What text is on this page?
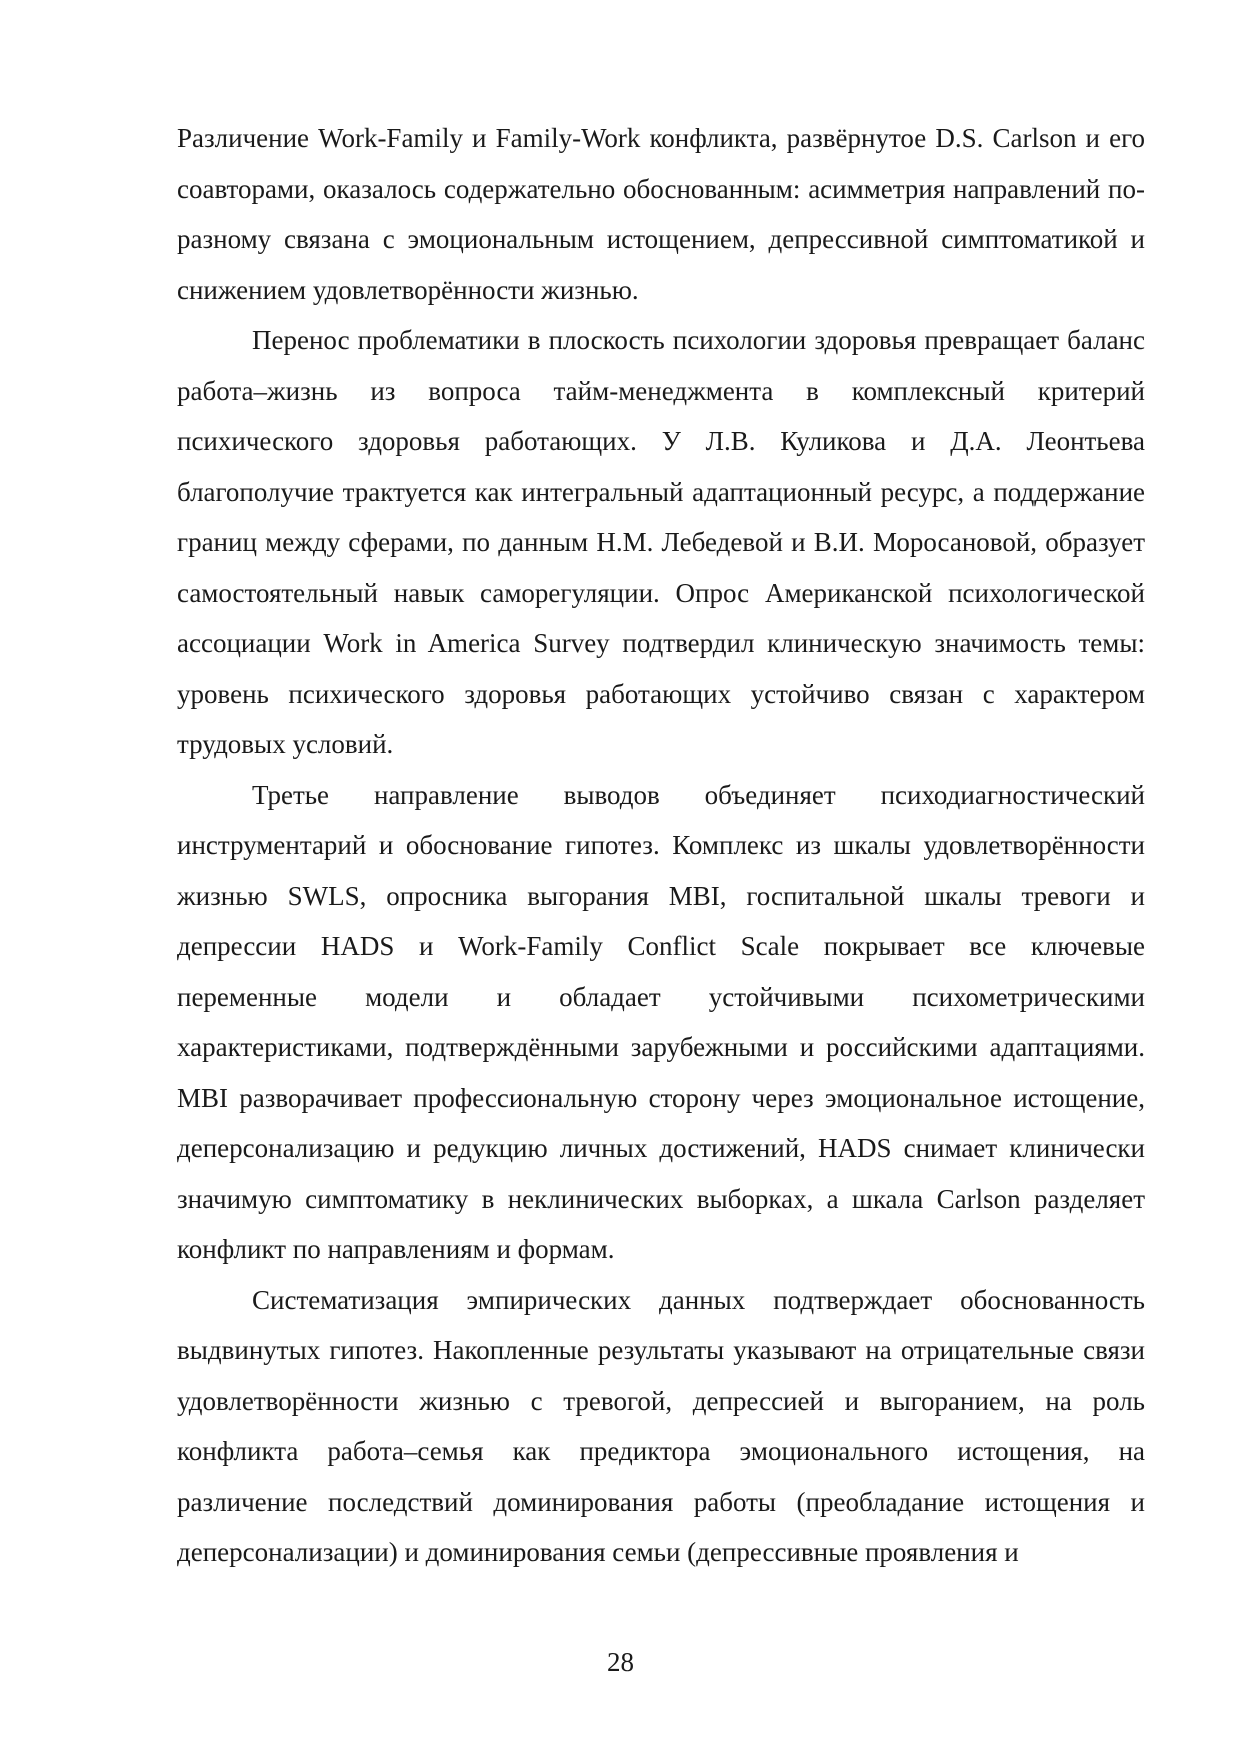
Различение Work-Family и Family-Work конфликта, развёрнутое D.S. Carlson и его соавторами, оказалось содержательно обоснованным: асимметрия направлений по-разному связана с эмоциональным истощением, депрессивной симптоматикой и снижением удовлетворённости жизнью.

Перенос проблематики в плоскость психологии здоровья превращает баланс работа–жизнь из вопроса тайм-менеджмента в комплексный критерий психического здоровья работающих. У Л.В. Куликова и Д.А. Леонтьева благополучие трактуется как интегральный адаптационный ресурс, а поддержание границ между сферами, по данным Н.М. Лебедевой и В.И. Моросановой, образует самостоятельный навык саморегуляции. Опрос Американской психологической ассоциации Work in America Survey подтвердил клиническую значимость темы: уровень психического здоровья работающих устойчиво связан с характером трудовых условий.

Третье направление выводов объединяет психодиагностический инструментарий и обоснование гипотез. Комплекс из шкалы удовлетворённости жизнью SWLS, опросника выгорания MBI, госпитальной шкалы тревоги и депрессии HADS и Work-Family Conflict Scale покрывает все ключевые переменные модели и обладает устойчивыми психометрическими характеристиками, подтверждёнными зарубежными и российскими адаптациями. MBI разворачивает профессиональную сторону через эмоциональное истощение, деперсонализацию и редукцию личных достижений, HADS снимает клинически значимую симптоматику в неклинических выборках, а шкала Carlson разделяет конфликт по направлениям и формам.

Систематизация эмпирических данных подтверждает обоснованность выдвинутых гипотез. Накопленные результаты указывают на отрицательные связи удовлетворённости жизнью с тревогой, депрессией и выгоранием, на роль конфликта работа–семья как предиктора эмоционального истощения, на различение последствий доминирования работы (преобладание истощения и деперсонализации) и доминирования семьи (депрессивные проявления и

28
